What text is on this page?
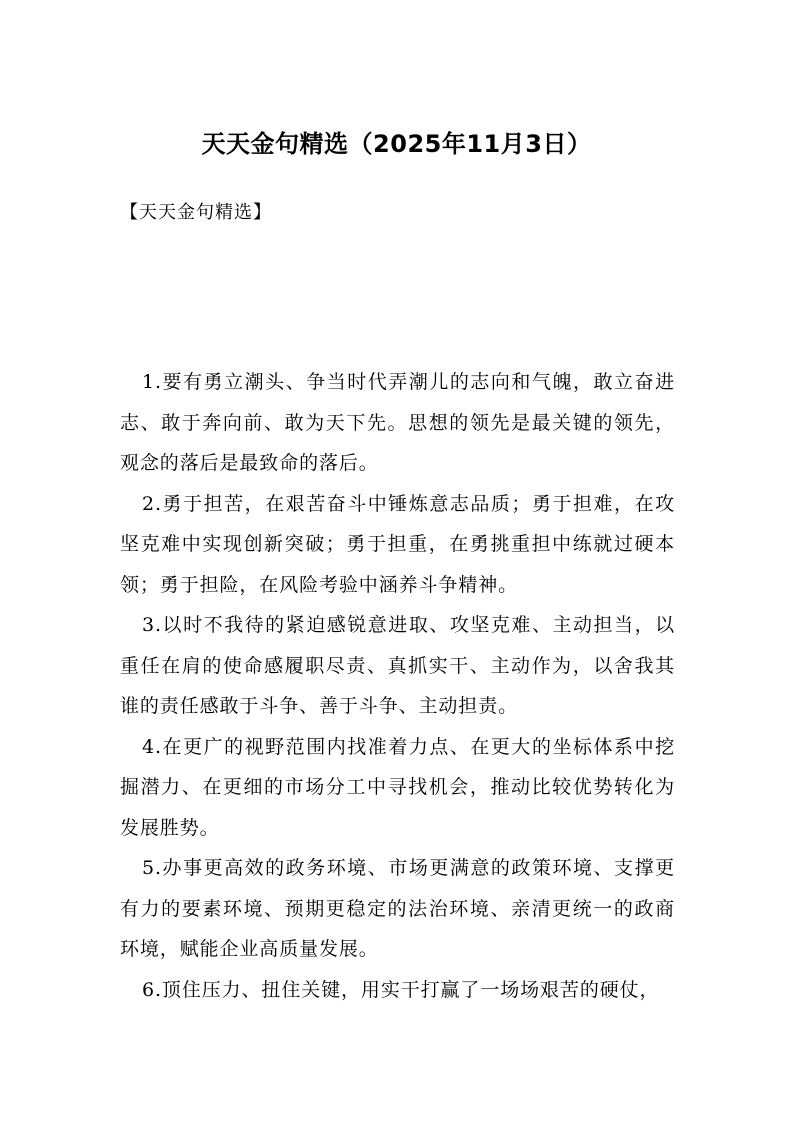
天天金句精选（2025年11月3日）

【天天金句精选】

1.要有勇立潮头、争当时代弄潮儿的志向和气魄，敢立奋进志、敢于奔向前、敢为天下先。思想的领先是最关键的领先，观念的落后是最致命的落后。

2.勇于担苦，在艰苦奋斗中锤炼意志品质；勇于担难，在攻坚克难中实现创新突破；勇于担重，在勇挑重担中练就过硬本领；勇于担险，在风险考验中涵养斗争精神。

3.以时不我待的紧迫感锐意进取、攻坚克难、主动担当，以重任在肩的使命感履职尽责、真抓实干、主动作为，以舍我其谁的责任感敢于斗争、善于斗争、主动担责。

4.在更广的视野范围内找准着力点、在更大的坐标体系中挖掘潜力、在更细的市场分工中寻找机会，推动比较优势转化为发展胜势。

5.办事更高效的政务环境、市场更满意的政策环境、支撑更有力的要素环境、预期更稳定的法治环境、亲清更统一的政商环境，赋能企业高质量发展。

6.顶住压力、扭住关键，用实干打赢了一场场艰苦的硬仗，
